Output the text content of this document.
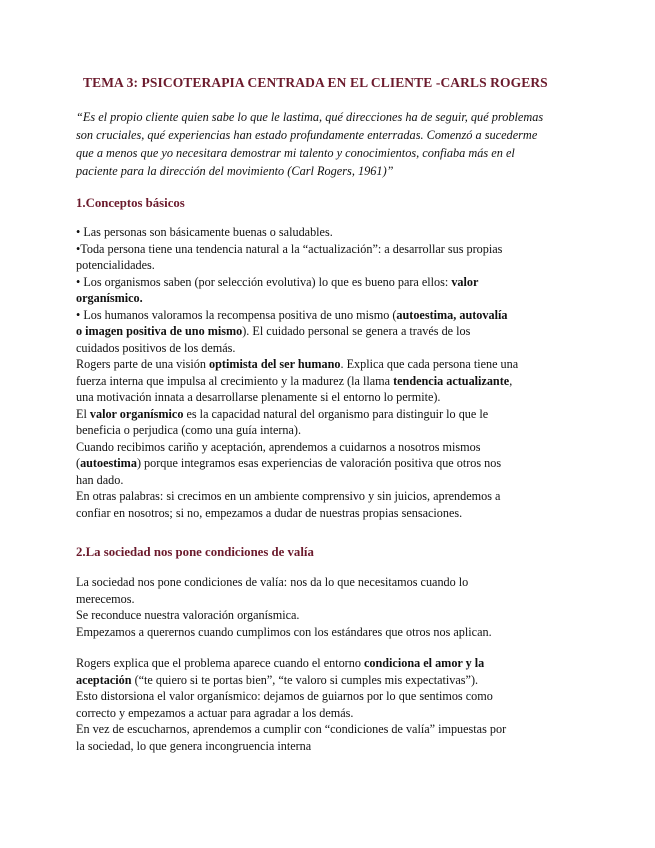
TEMA 3: PSICOTERAPIA CENTRADA EN EL CLIENTE -CARLS ROGERS
“Es el propio cliente quien sabe lo que le lastima, qué direcciones ha de seguir, qué problemas
son cruciales, qué experiencias han estado profundamente enterradas. Comenzó a sucederme
que a menos que yo necesitara demostrar mi talento y conocimientos, confiaba más en el
paciente para la dirección del movimiento (Carl Rogers, 1961)”
1.Conceptos básicos
• Las personas son básicamente buenas o saludables.
•Toda persona tiene una tendencia natural a la “actualización”: a desarrollar sus propias
potencialidades.
• Los organismos saben (por selección evolutiva) lo que es bueno para ellos: valor
organísmico.
• Los humanos valoramos la recompensa positiva de uno mismo (autoestima, autovalía
o imagen positiva de uno mismo). El cuidado personal se genera a través de los
cuidados positivos de los demás.
Rogers parte de una visión optimista del ser humano. Explica que cada persona tiene una
fuerza interna que impulsa al crecimiento y la madurez (la llama tendencia actualizante,
una motivación innata a desarrollarse plenamente si el entorno lo permite).
El valor organísmico es la capacidad natural del organismo para distinguir lo que le
beneficia o perjudica (como una guía interna).
Cuando recibimos cariño y aceptación, aprendemos a cuidarnos a nosotros mismos
(autoestima) porque integramos esas experiencias de valoración positiva que otros nos
han dado.
En otras palabras: si crecimos en un ambiente comprensivo y sin juicios, aprendemos a
confiar en nosotros; si no, empezamos a dudar de nuestras propias sensaciones.
2.La sociedad nos pone condiciones de valía
La sociedad nos pone condiciones de valía: nos da lo que necesitamos cuando lo
merecemos.
Se reconduce nuestra valoración organísmica.
Empezamos a querernos cuando cumplimos con los estándares que otros nos aplican.
Rogers explica que el problema aparece cuando el entorno condiciona el amor y la
aceptación (“te quiero si te portas bien”, “te valoro si cumples mis expectativas”).
Esto distorsiona el valor organísmico: dejamos de guiarnos por lo que sentimos como
correcto y empezamos a actuar para agradar a los demás.
En vez de escucharnos, aprendemos a cumplir con “condiciones de valía” impuestas por
la sociedad, lo que genera incongruencia interna
